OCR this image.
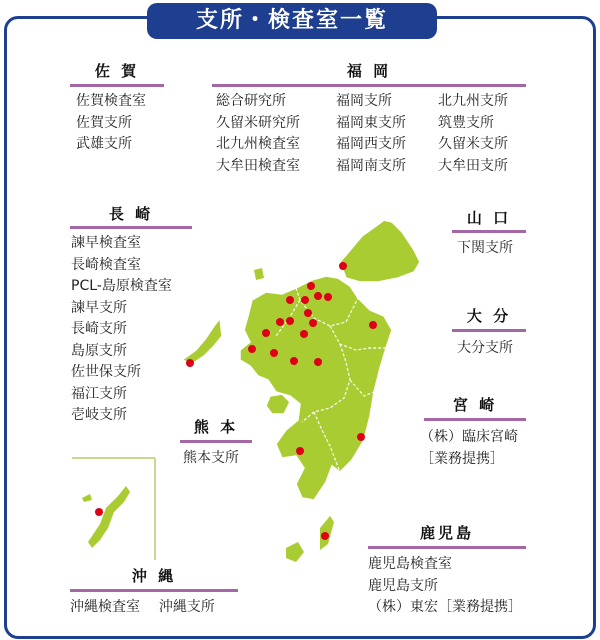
支所・検査室一覧
佐 賀
佐賀検査室
佐賀支所
武雄支所
福 岡
総合研究所
久留米研究所
北九州検査室
大牟田検査室
福岡支所
福岡東支所
福岡西支所
福岡南支所
北九州支所
筑豊支所
久留米支所
大牟田支所
長 崎
諫早検査室
長崎検査室
PCL-島原検査室
諫早支所
長崎支所
島原支所
佐世保支所
福江支所
壱岐支所
山 口
下関支所
大 分
大分支所
宮 崎
（株）臨床宮崎
［業務提携］
熊 本
熊本支所
鹿児島
鹿児島検査室
鹿児島支所
（株）東宏［業務提携］
沖 縄
沖縄検査室 沖縄支所
